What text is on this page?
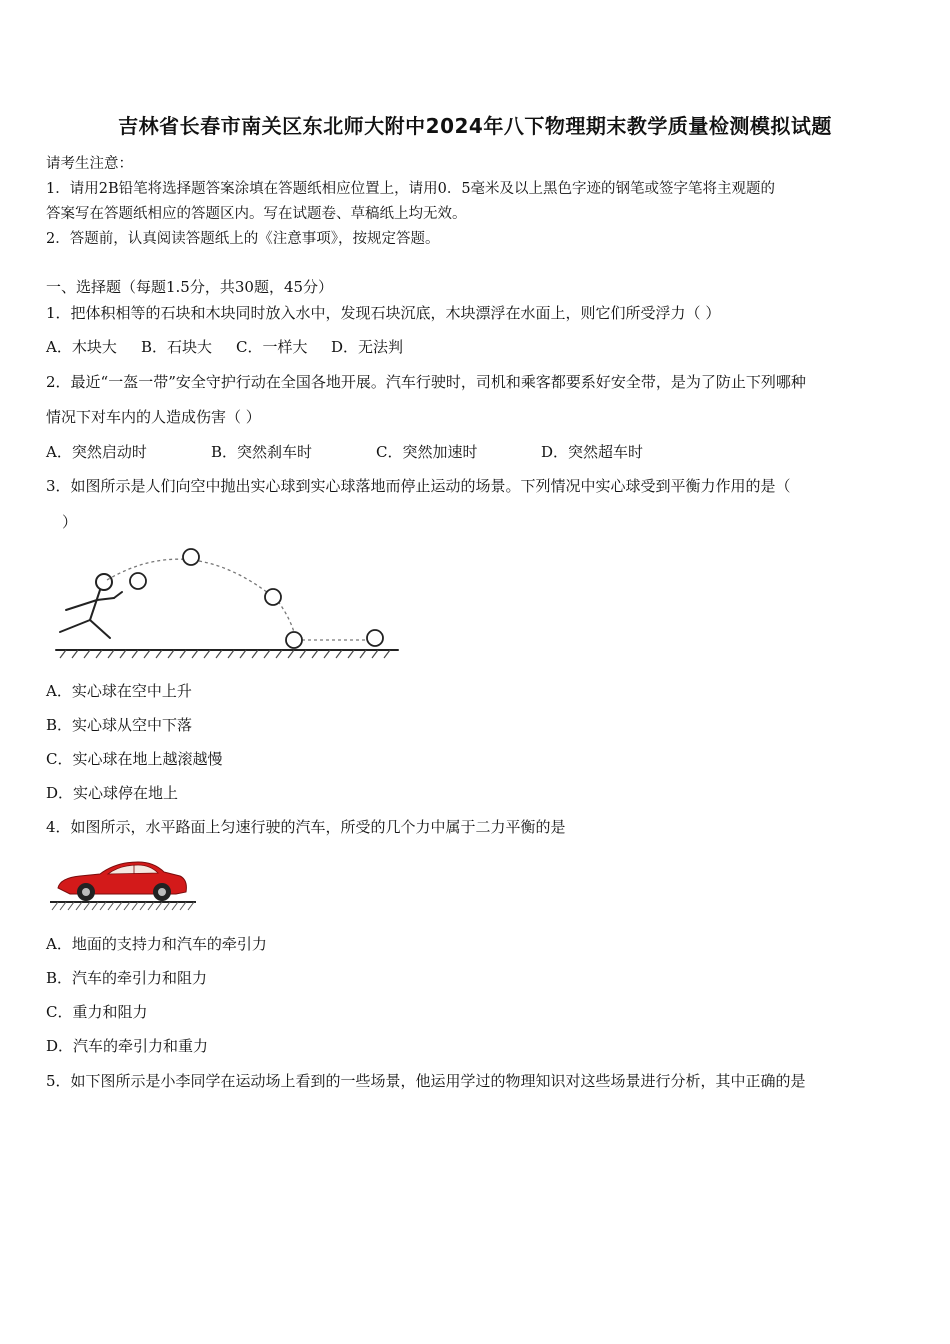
吉林省长春市南关区东北师大附中2024年八下物理期末教学质量检测模拟试题
请考生注意：
1．请用2B铅笔将选择题答案涂填在答题纸相应位置上，请用0．5毫米及以上黑色字迹的钢笔或签字笔将主观题的
答案写在答题纸相应的答题区内。写在试题卷、草稿纸上均无效。
2．答题前，认真阅读答题纸上的《注意事项》，按规定答题。
一、选择题（每题1.5分，共30题，45分）
1．把体积相等的石块和木块同时放入水中，发现石块沉底，木块漂浮在水面上，则它们所受浮力（ ）
A．木块大 B．石块大 C．一样大 D．无法判
2．最近“一盔一带”安全守护行动在全国各地开展。汽车行驶时，司机和乘客都要系好安全带，是为了防止下列哪种
情况下对车内的人造成伤害（ ）
A．突然启动时	B．突然刹车时	C．突然加速时	D．突然超车时
3．如图所示是人们向空中抛出实心球到实心球落地而停止运动的场景。下列情况中实心球受到平衡力作用的是（
）
A．实心球在空中上升
B．实心球从空中下落
C．实心球在地上越滚越慢
D．实心球停在地上
4．如图所示，水平路面上匀速行驶的汽车，所受的几个力中属于二力平衡的是
A．地面的支持力和汽车的牵引力
B．汽车的牵引力和阻力
C．重力和阻力
D．汽车的牵引力和重力
5．如下图所示是小李同学在运动场上看到的一些场景，他运用学过的物理知识对这些场景进行分析，其中正确的是
